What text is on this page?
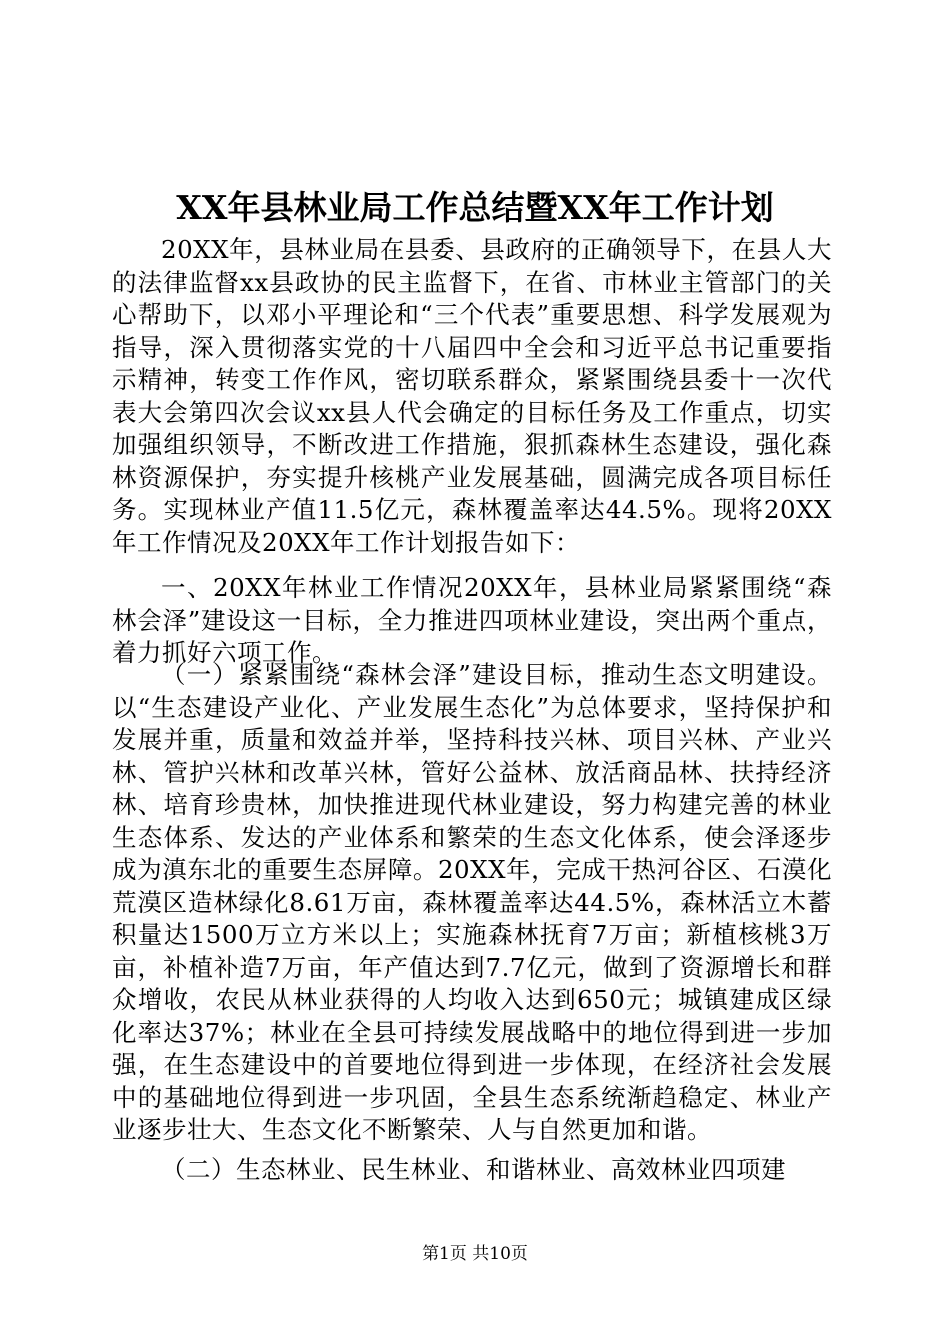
XX年县林业局工作总结暨XX年工作计划

20XX年，县林业局在县委、县政府的正确领导下，在县人大的法律监督xx县政协的民主监督下，在省、市林业主管部门的关心帮助下，以邓小平理论和“三个代表”重要思想、科学发展观为指导，深入贯彻落实党的十八届四中全会和习近平总书记重要指示精神，转变工作作风，密切联系群众，紧紧围绕县委十一次代表大会第四次会议xx县人代会确定的目标任务及工作重点，切实加强组织领导，不断改进工作措施，狠抓森林生态建设，强化森林资源保护，夯实提升核桃产业发展基础，圆满完成各项目标任务。实现林业产值11.5亿元，森林覆盖率达44.5%。现将20XX年工作情况及20XX年工作计划报告如下：

一、20XX年林业工作情况20XX年，县林业局紧紧围绕“森林会泽”建设这一目标，全力推进四项林业建设，突出两个重点，着力抓好六项工作。

（一）紧紧围绕“森林会泽”建设目标，推动生态文明建设。以“生态建设产业化、产业发展生态化”为总体要求，坚持保护和发展并重，质量和效益并举，坚持科技兴林、项目兴林、产业兴林、管护兴林和改革兴林，管好公益林、放活商品林、扶持经济林、培育珍贵林，加快推进现代林业建设，努力构建完善的林业生态体系、发达的产业体系和繁荣的生态文化体系，使会泽逐步成为滇东北的重要生态屏障。20XX年，完成干热河谷区、石漠化荒漠区造林绿化8.61万亩，森林覆盖率达44.5%，森林活立木蓄积量达1500万立方米以上；实施森林抚育7万亩；新植核桃3万亩，补植补造7万亩，年产值达到7.7亿元，做到了资源增长和群众增收，农民从林业获得的人均收入达到650元；城镇建成区绿化率达37%；林业在全县可持续发展战略中的地位得到进一步加强，在生态建设中的首要地位得到进一步体现，在经济社会发展中的基础地位得到进一步巩固，全县生态系统渐趋稳定、林业产业逐步壮大、生态文化不断繁荣、人与自然更加和谐。

（二）生态林业、民生林业、和谐林业、高效林业四项建

第1页 共10页
